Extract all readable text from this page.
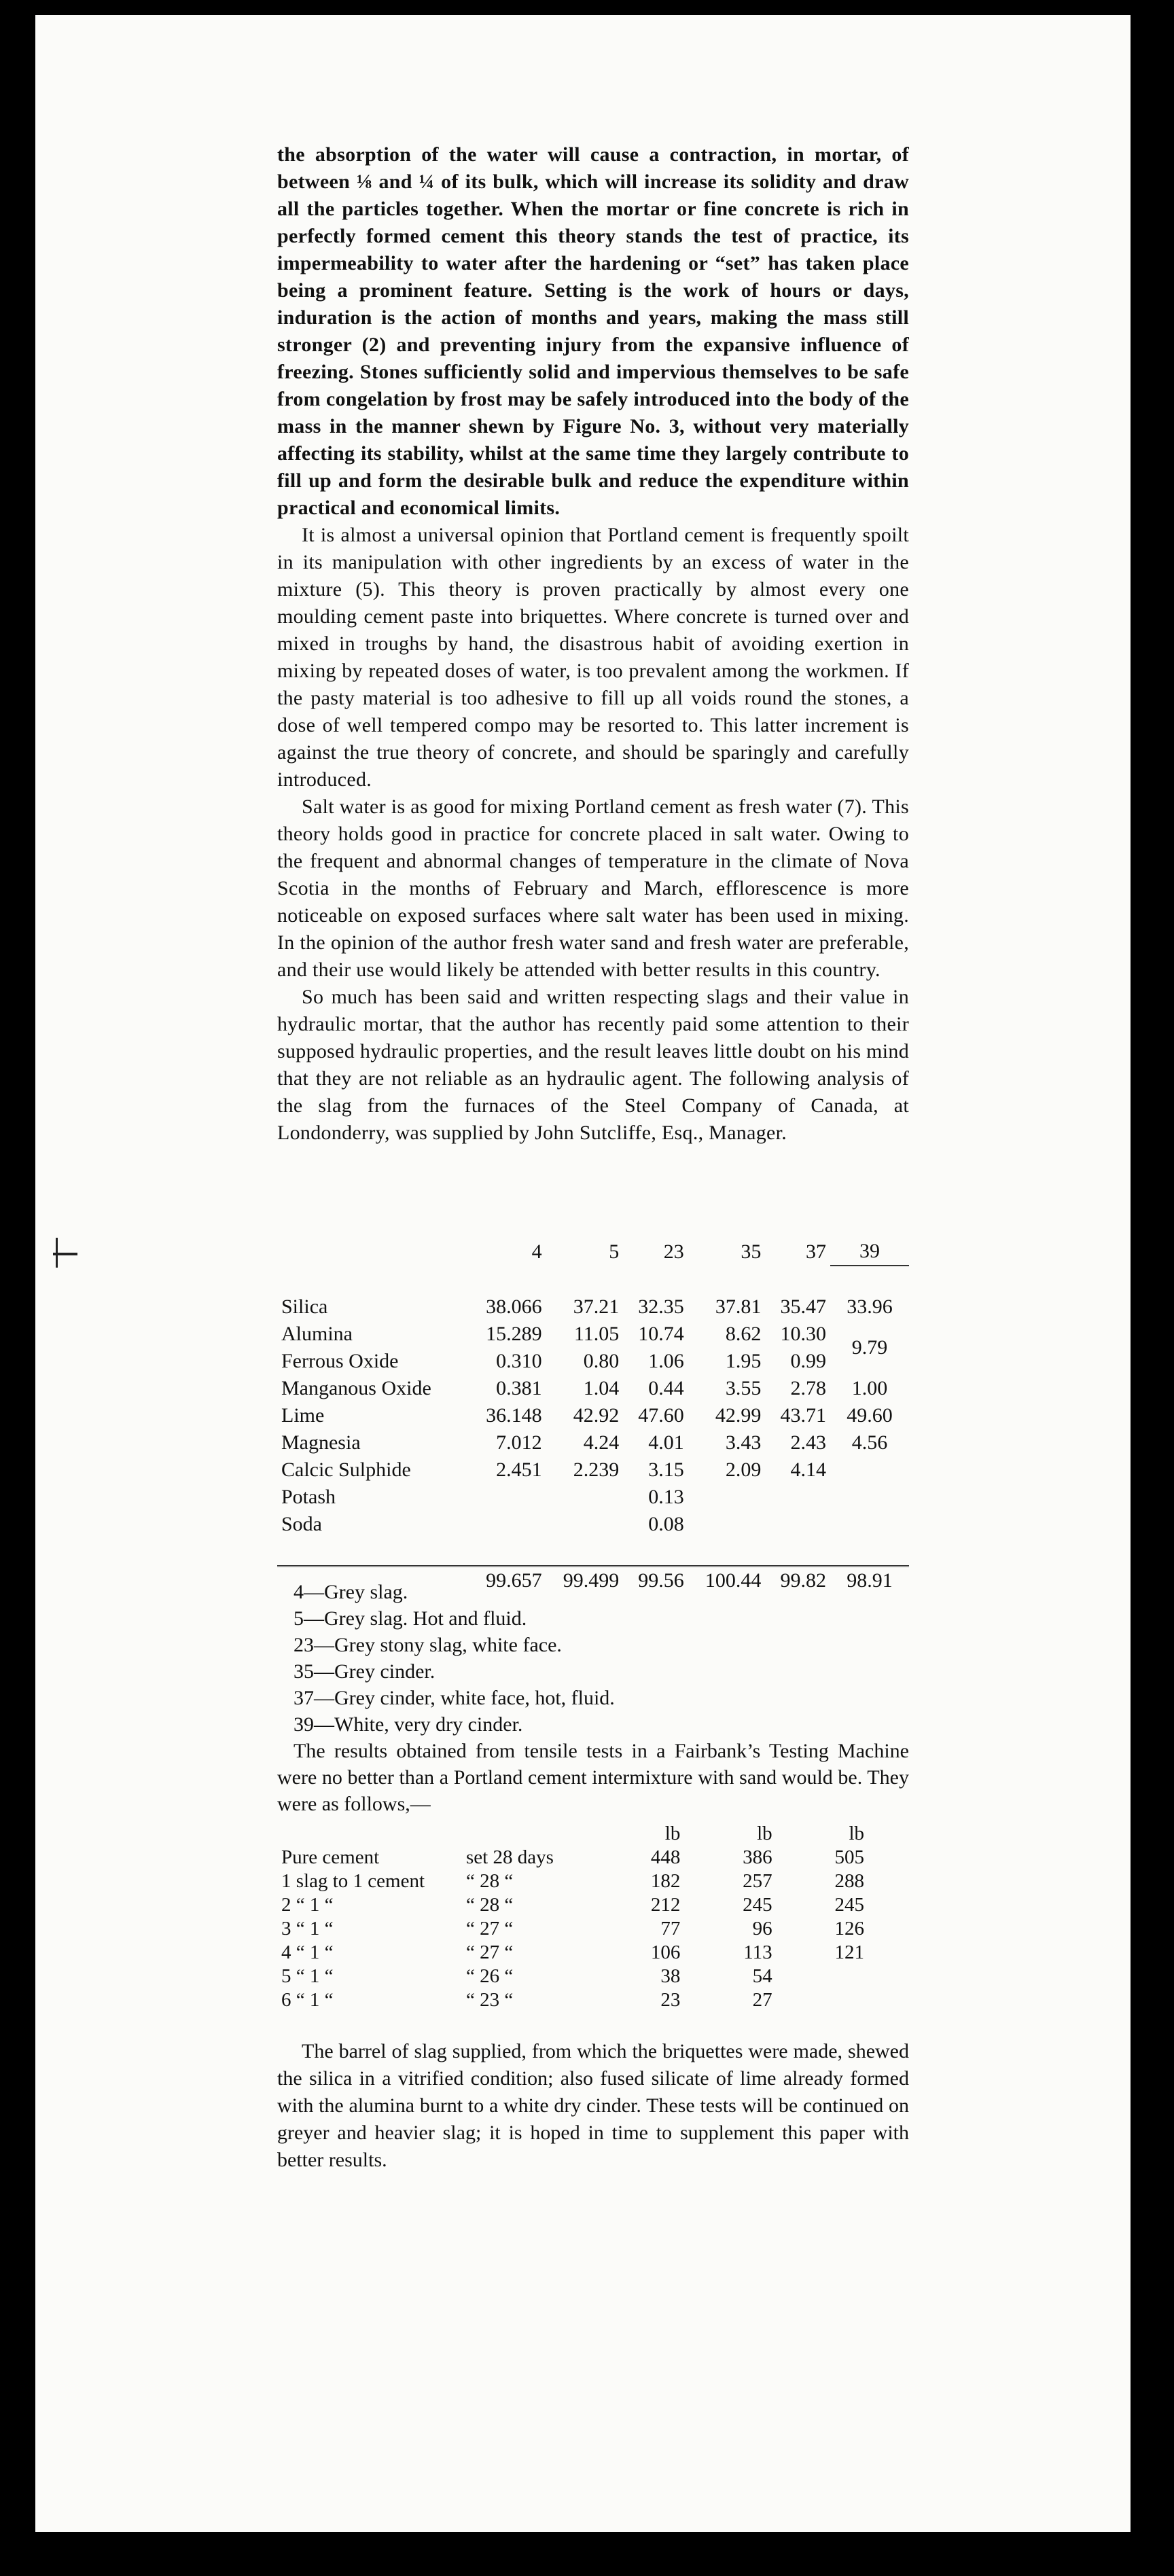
the absorption of the water will cause a contraction, in mortar, of between ⅛ and ¼ of its bulk, which will increase its solidity and draw all the particles together. When the mortar or fine concrete is rich in perfectly formed cement this theory stands the test of practice, its impermeability to water after the hardening or “set” has taken place being a prominent feature. Setting is the work of hours or days, induration is the action of months and years, making the mass still stronger (2) and preventing injury from the expansive influence of freezing. Stones sufficiently solid and impervious themselves to be safe from congelation by frost may be safely introduced into the body of the mass in the manner shewn by Figure No. 3, without very materially affecting its stability, whilst at the same time they largely contribute to fill up and form the desirable bulk and reduce the expenditure within practical and economical limits.

It is almost a universal opinion that Portland cement is frequently spoilt in its manipulation with other ingredients by an excess of water in the mixture (5). This theory is proven practically by almost every one moulding cement paste into briquettes. Where concrete is turned over and mixed in troughs by hand, the disastrous habit of avoiding exertion in mixing by repeated doses of water, is too prevalent among the workmen. If the pasty material is too adhesive to fill up all voids round the stones, a dose of well tempered compo may be resorted to. This latter increment is against the true theory of concrete, and should be sparingly and carefully introduced.

Salt water is as good for mixing Portland cement as fresh water (7). This theory holds good in practice for concrete placed in salt water. Owing to the frequent and abnormal changes of temperature in the climate of Nova Scotia in the months of February and March, efflorescence is more noticeable on exposed surfaces where salt water has been used in mixing. In the opinion of the author fresh water sand and fresh water are preferable, and their use would likely be attended with better results in this country.

So much has been said and written respecting slags and their value in hydraulic mortar, that the author has recently paid some attention to their supposed hydraulic properties, and the result leaves little doubt on his mind that they are not reliable as an hydraulic agent. The following analysis of the slag from the furnaces of the Steel Company of Canada, at Londonderry, was supplied by John Sutcliffe, Esq., Manager.

	4	5	23	35	37	39

Silica	38.066	37.21	32.35	37.81	35.47	33.96
Alumina	15.289	11.05	10.74	8.62	10.30	9.79
Ferrous Oxide	0.310	0.80	1.06	1.95	0.99	
Manganous Oxide	0.381	1.04	0.44	3.55	2.78	1.00
Lime	36.148	42.92	47.60	42.99	43.71	49.60
Magnesia	7.012	4.24	4.01	3.43	2.43	4.56
Calcic Sulphide	2.451	2.239	3.15	2.09	4.14	
Potash			0.13			
Soda			0.08			

	99.657	99.499	99.56	100.44	99.82	98.91
4—Grey slag.
5—Grey slag. Hot and fluid.
23—Grey stony slag, white face.
35—Grey cinder.
37—Grey cinder, white face, hot, fluid.
39—White, very dry cinder.

The results obtained from tensile tests in a Fairbank’s Testing Machine were no better than a Portland cement intermixture with sand would be. They were as follows,—

		lb	lb	lb
Pure cement	set 28 days	448	386	505
1 slag to 1 cement	“ 28 “	182	257	288
2 “ 1 “	“ 28 “	212	245	245
3 “ 1 “	“ 27 “	77	96	126
4 “ 1 “	“ 27 “	106	113	121
5 “ 1 “	“ 26 “	38	54	
6 “ 1 “	“ 23 “	23	27	

The barrel of slag supplied, from which the briquettes were made, shewed the silica in a vitrified condition; also fused silicate of lime already formed with the alumina burnt to a white dry cinder. These tests will be continued on greyer and heavier slag; it is hoped in time to supplement this paper with better results.
